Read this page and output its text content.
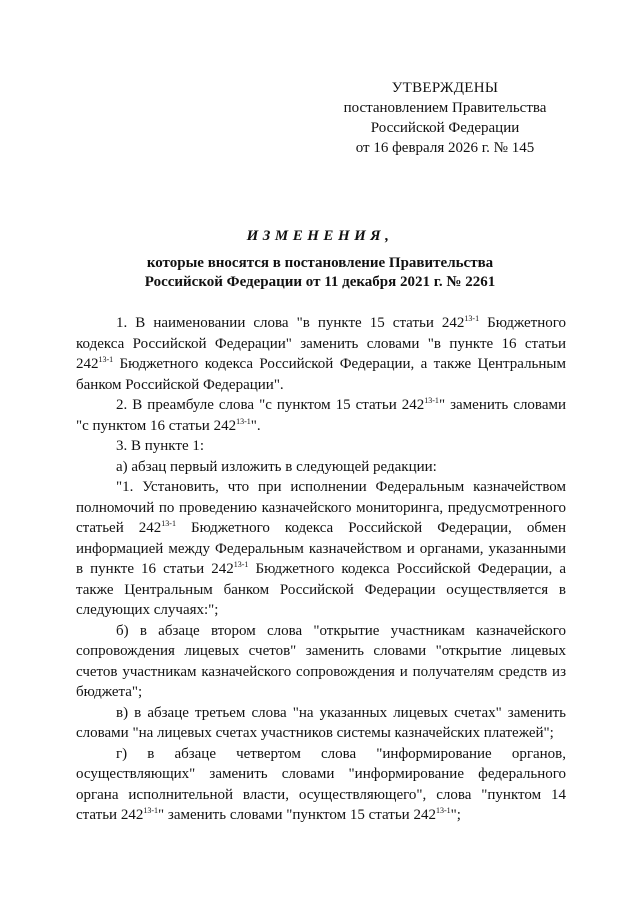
УТВЕРЖДЕНЫ
постановлением Правительства
Российской Федерации
от 16 февраля 2026 г. № 145
ИЗМЕНЕНИЯ,
которые вносятся в постановление Правительства
Российской Федерации от 11 декабря 2021 г. № 2261

1. В наименовании слова "в пункте 15 статьи 242$^{13-1}$ Бюджетного кодекса Российской Федерации" заменить словами "в пункте 16 статьи 242$^{13-1}$ Бюджетного кодекса Российской Федерации, а также Центральным банком Российской Федерации".

2. В преамбуле слова "с пунктом 15 статьи 242$^{13-1}$" заменить словами "с пунктом 16 статьи 242$^{13-1}$".

3. В пункте 1:

а) абзац первый изложить в следующей редакции:

"1. Установить, что при исполнении Федеральным казначейством полномочий по проведению казначейского мониторинга, предусмотренного статьей 242$^{13-1}$ Бюджетного кодекса Российской Федерации, обмен информацией между Федеральным казначейством и органами, указанными в пункте 16 статьи 242$^{13-1}$ Бюджетного кодекса Российской Федерации, а также Центральным банком Российской Федерации осуществляется в следующих случаях:";

б) в абзаце втором слова "открытие участникам казначейского сопровождения лицевых счетов" заменить словами "открытие лицевых счетов участникам казначейского сопровождения и получателям средств из бюджета";

в) в абзаце третьем слова "на указанных лицевых счетах" заменить словами "на лицевых счетах участников системы казначейских платежей";

г) в абзаце четвертом слова "информирование органов, осуществляющих" заменить словами "информирование федерального органа исполнительной власти, осуществляющего", слова "пунктом 14 статьи 242$^{13-1}$" заменить словами "пунктом 15 статьи 242$^{13-1}$";
